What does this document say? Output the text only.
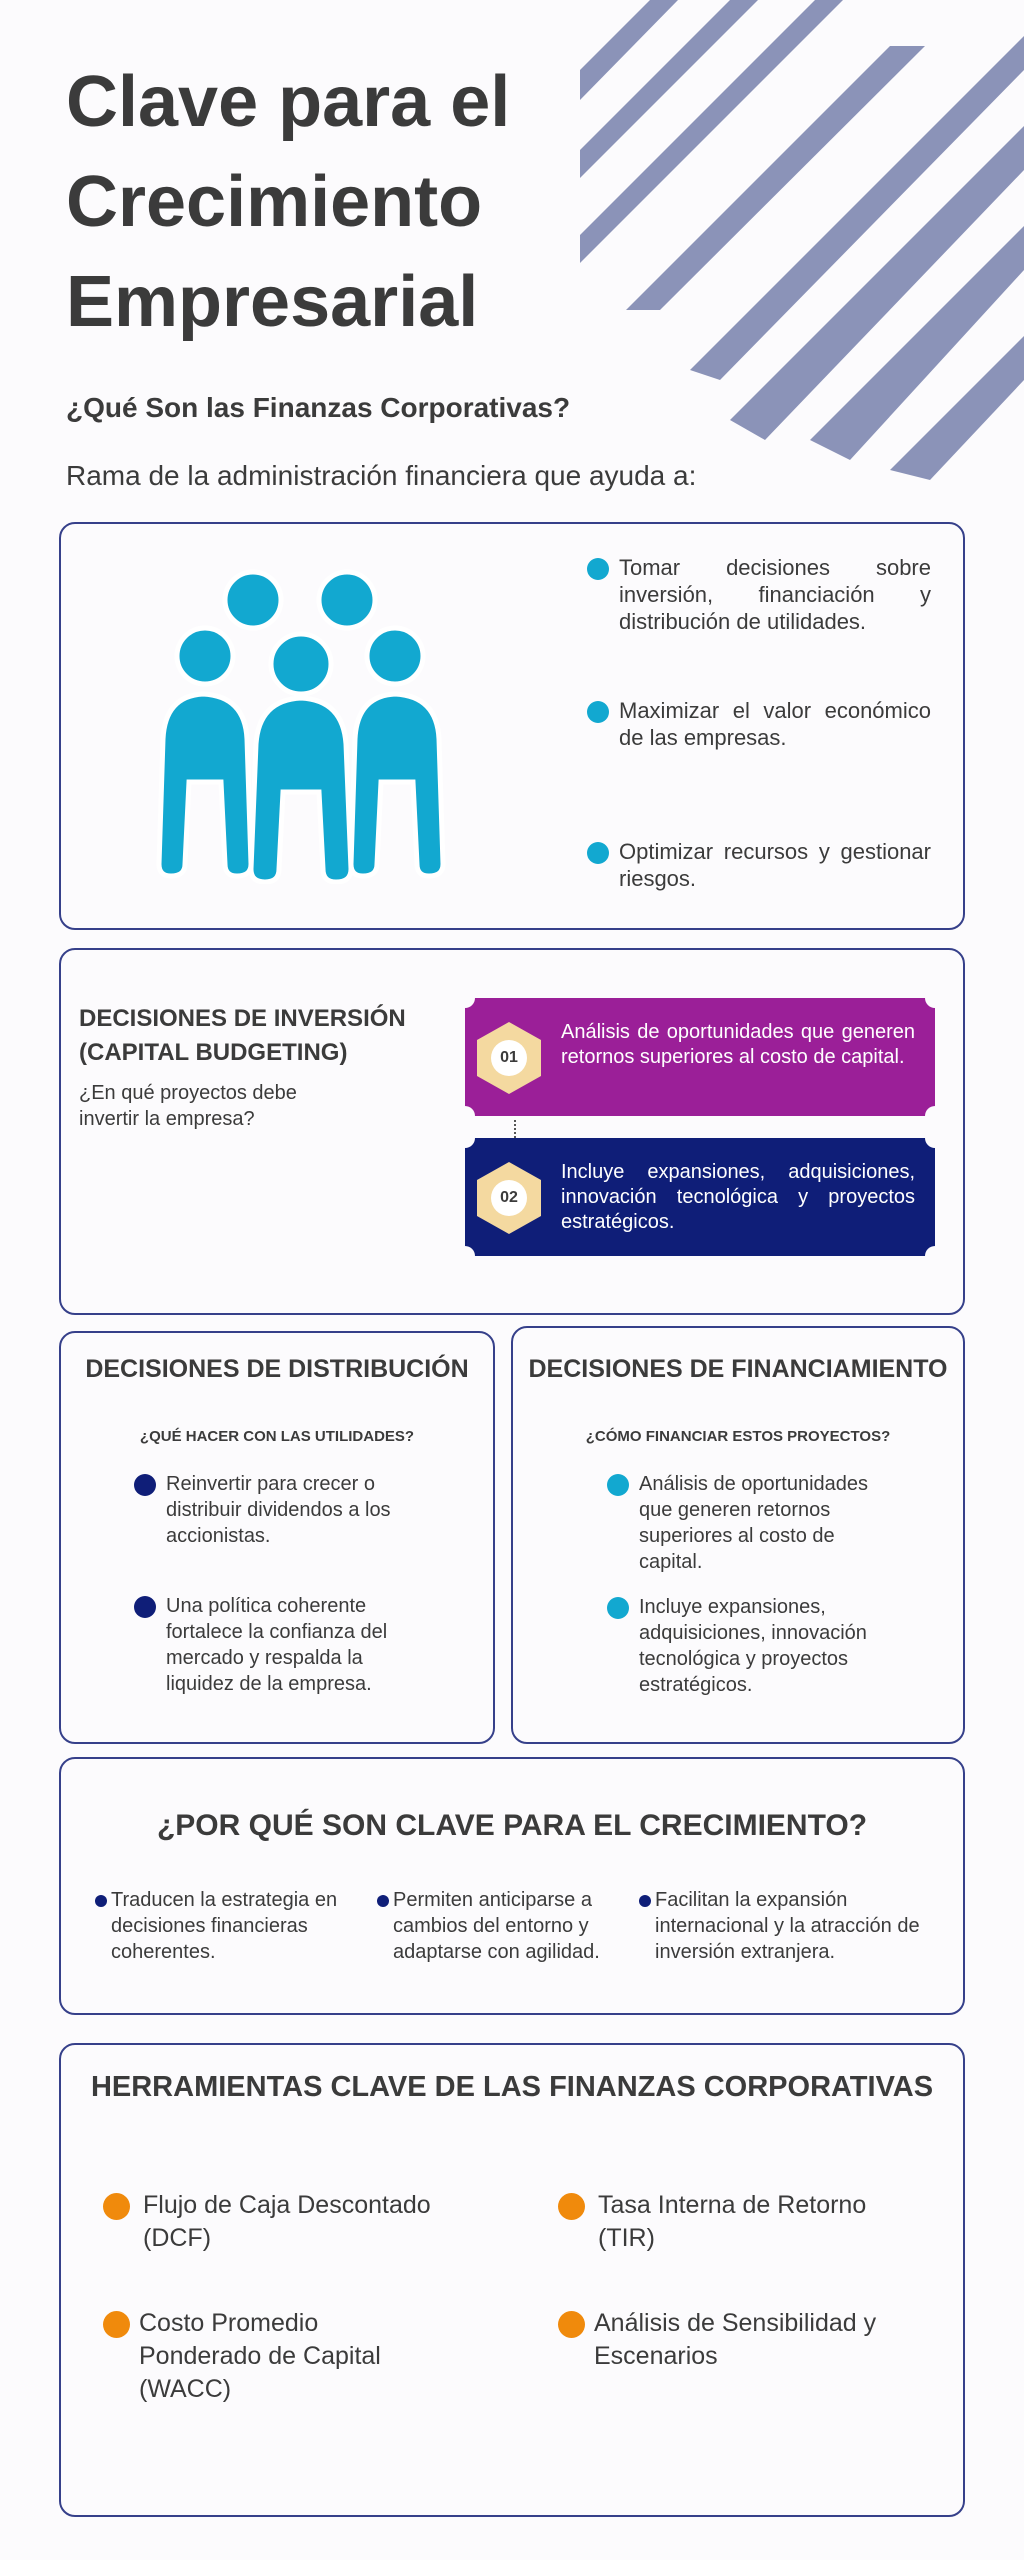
Clave para el Crecimiento Empresarial
¿Qué Son las Finanzas Corporativas?

Rama de la administración financiera que ayuda a:

Tomar decisiones sobre inversión, financiación y distribución de utilidades.
Maximizar el valor económico de las empresas.
Optimizar recursos y gestionar riesgos.
DECISIONES DE INVERSIÓN (CAPITAL BUDGETING)
¿En qué proyectos debe invertir la empresa?
01
Análisis de oportunidades que generen retornos superiores al costo de capital.
02
Incluye expansiones, adquisiciones, innovación tecnológica y proyectos estratégicos.
DECISIONES DE DISTRIBUCIÓN
¿QUÉ HACER CON LAS UTILIDADES?
Reinvertir para crecer o distribuir dividendos a los accionistas.
Una política coherente fortalece la confianza del mercado y respalda la liquidez de la empresa.
DECISIONES DE FINANCIAMIENTO
¿CÓMO FINANCIAR ESTOS PROYECTOS?
Análisis de oportunidades que generen retornos superiores al costo de capital.
Incluye expansiones, adquisiciones, innovación tecnológica y proyectos estratégicos.
¿POR QUÉ SON CLAVE PARA EL CRECIMIENTO?
Traducen la estrategia en decisiones financieras coherentes.
Permiten anticiparse a cambios del entorno y adaptarse con agilidad.
Facilitan la expansión internacional y la atracción de inversión extranjera.
HERRAMIENTAS CLAVE DE LAS FINANZAS CORPORATIVAS
Flujo de Caja Descontado (DCF)
Tasa Interna de Retorno (TIR)
Costo Promedio Ponderado de Capital (WACC)
Análisis de Sensibilidad y Escenarios
